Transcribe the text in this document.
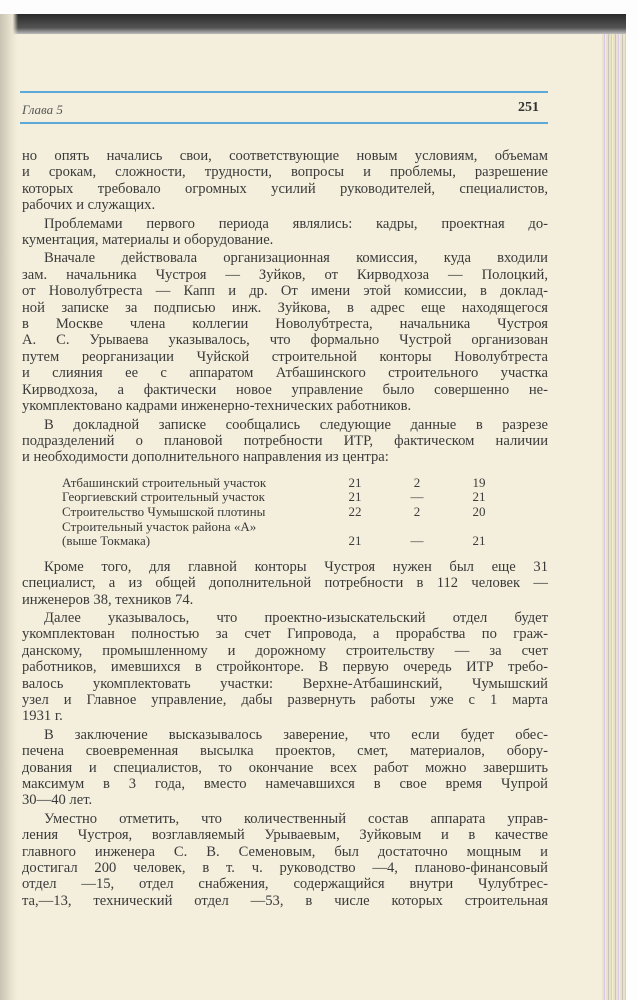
Глава 5	251
но опять начались свои, соответствующие новым условиям, объемам
и срокам, сложности, трудности, вопросы и проблемы, разрешение
которых требовало огромных усилий руководителей, специалистов,
рабочих и служащих.
Проблемами первого периода являлись: кадры, проектная до-
кументация, материалы и оборудование.
Вначале действовала организационная комиссия, куда входили
зам. начальника Чустроя — Зуйков, от Кирводхоза — Полоцкий,
от Новолубтреста — Капп и др. От имени этой комиссии, в доклад-
ной записке за подписью инж. Зуйкова, в адрес еще находящегося
в Москве члена коллегии Новолубтреста, начальника Чустроя
А. С. Урываева указывалось, что формально Чустрой организован
путем реорганизации Чуйской строительной конторы Новолубтреста
и слияния ее с аппаратом Атбашинского строительного участка
Кирводхоза, а фактически новое управление было совершенно не-
укомплектовано кадрами инженерно-технических работников.
В докладной записке сообщались следующие данные в разрезе
подразделений о плановой потребности ИТР, фактическом наличии
и необходимости дополнительного направления из центра:
Атбашинский строительный участок	21	2	19
Георгиевский строительный участок	21	—	21
Строительство Чумышской плотины	22	2	20
Строительный участок района «А»
(выше Токмака)	21	—	21
Кроме того, для главной конторы Чустроя нужен был еще 31
специалист, а из общей дополнительной потребности в 112 человек —
инженеров 38, техников 74.
Далее указывалось, что проектно-изыскательский отдел будет
укомплектован полностью за счет Гипровода, а прорабства по граж-
данскому, промышленному и дорожному строительству — за счет
работников, имевшихся в стройконторе. В первую очередь ИТР требо-
валось укомплектовать участки: Верхне-Атбашинский, Чумышский
узел и Главное управление, дабы развернуть работы уже с 1 марта
1931 г.
В заключение высказывалось заверение, что если будет обес-
печена своевременная высылка проектов, смет, материалов, обору-
дования и специалистов, то окончание всех работ можно завершить
максимум в 3 года, вместо намечавшихся в свое время Чупрой
30—40 лет.
Уместно отметить, что количественный состав аппарата управ-
ления Чустроя, возглавляемый Урываевым, Зуйковым и в качестве
главного инженера С. В. Семеновым, был достаточно мощным и
достигал 200 человек, в т. ч. руководство —4, планово-финансовый
отдел —15, отдел снабжения, содержащийся внутри Чулубтрес-
та,—13, технический отдел —53, в числе которых строительная
